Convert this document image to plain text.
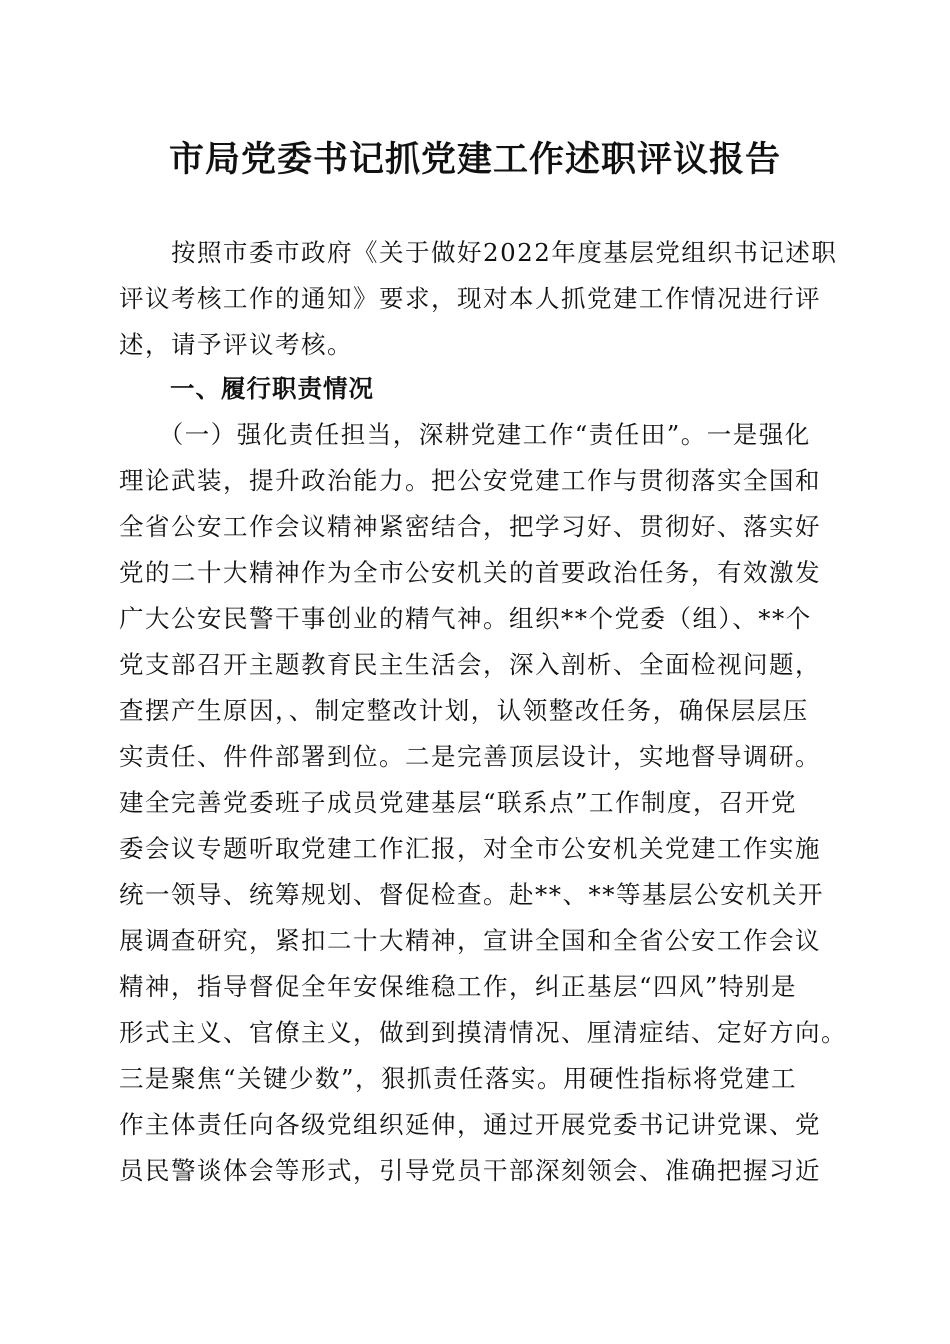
市局党委书记抓党建工作述职评议报告
　　按照市委市政府《关于做好2022年度基层党组织书记述职
评议考核工作的通知》要求，现对本人抓党建工作情况进行评
述，请予评议考核。
　　一、履行职责情况
　　（一）强化责任担当，深耕党建工作“责任田”。一是强化
理论武装，提升政治能力。把公安党建工作与贯彻落实全国和
全省公安工作会议精神紧密结合，把学习好、贯彻好、落实好
党的二十大精神作为全市公安机关的首要政治任务，有效激发
广大公安民警干事创业的精气神。组织**个党委（组）、**个
党支部召开主题教育民主生活会，深入剖析、全面检视问题，
查摆产生原因，、制定整改计划，认领整改任务，确保层层压
实责任、件件部署到位。二是完善顶层设计，实地督导调研。
建全完善党委班子成员党建基层“联系点”工作制度，召开党
委会议专题听取党建工作汇报，对全市公安机关党建工作实施
统一领导、统筹规划、督促检查。赴**、**等基层公安机关开
展调查研究，紧扣二十大精神，宣讲全国和全省公安工作会议
精神，指导督促全年安保维稳工作，纠正基层“四风”特别是
形式主义、官僚主义，做到到摸清情况、厘清症结、定好方向。
三是聚焦“关键少数”，狠抓责任落实。用硬性指标将党建工
作主体责任向各级党组织延伸，通过开展党委书记讲党课、党
员民警谈体会等形式，引导党员干部深刻领会、准确把握习近
